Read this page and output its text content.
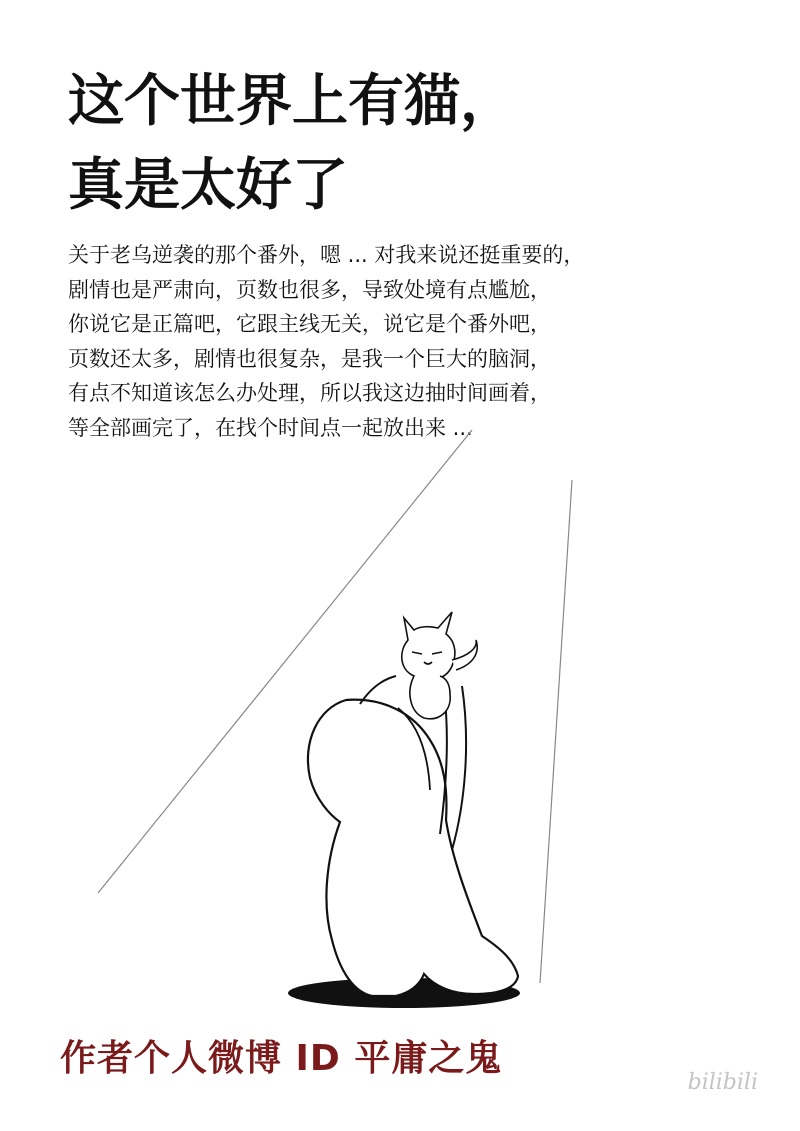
这个世界上有猫，
真是太好了

关于老乌逆袭的那个番外，嗯 ... 对我来说还挺重要的，
剧情也是严肃向，页数也很多，导致处境有点尴尬，
你说它是正篇吧，它跟主线无关，说它是个番外吧，
页数还太多，剧情也很复杂，是我一个巨大的脑洞，
有点不知道该怎么办处理，所以我这边抽时间画着，
等全部画完了，在找个时间点一起放出来 ...

作者个人微博 ID 平庸之鬼
bilibili
